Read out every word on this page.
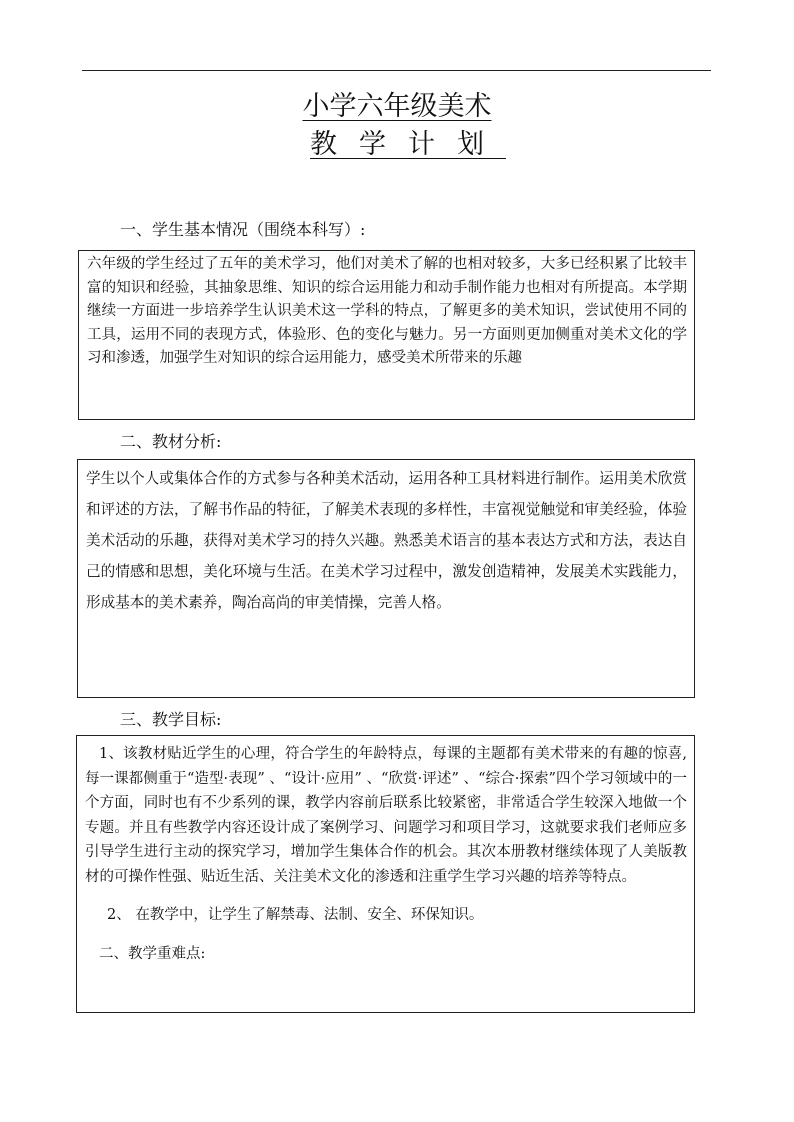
小学六年级美术
教学计划
一、学生基本情况（围绕本科写）:

六年级的学生经过了五年的美术学习，他们对美术了解的也相对较多，大多已经积累了比较丰富的知识和经验，其抽象思维、知识的综合运用能力和动手制作能力也相对有所提高。本学期继续一方面进一步培养学生认识美术这一学科的特点，了解更多的美术知识，尝试使用不同的工具，运用不同的表现方式，体验形、色的变化与魅力。另一方面则更加侧重对美术文化的学习和渗透，加强学生对知识的综合运用能力，感受美术所带来的乐趣

二、教材分析:

学生以个人或集体合作的方式参与各种美术活动，运用各种工具材料进行制作。运用美术欣赏和评述的方法，了解书作品的特征，了解美术表现的多样性，丰富视觉触觉和审美经验，体验美术活动的乐趣，获得对美术学习的持久兴趣。熟悉美术语言的基本表达方式和方法，表达自己的情感和思想，美化环境与生活。在美术学习过程中，激发创造精神，发展美术实践能力，形成基本的美术素养，陶冶高尚的审美情操，完善人格。

三、教学目标:

1、该教材贴近学生的心理，符合学生的年龄特点，每课的主题都有美术带来的有趣的惊喜,每一课都侧重于“造型·表现” 、“设计·应用” 、“欣赏·评述” 、“综合·探索”四个学习领域中的一个方面，同时也有不少系列的课，教学内容前后联系比较紧密，非常适合学生较深入地做一个专题。并且有些教学内容还设计成了案例学习、问题学习和项目学习，这就要求我们老师应多引导学生进行主动的探究学习，增加学生集体合作的机会。其次本册教材继续体现了人美版教材的可操作性强、贴近生活、关注美术文化的渗透和注重学生学习兴趣的培养等特点。

2、 在教学中，让学生了解禁毒、法制、安全、环保知识。

二、教学重难点:
